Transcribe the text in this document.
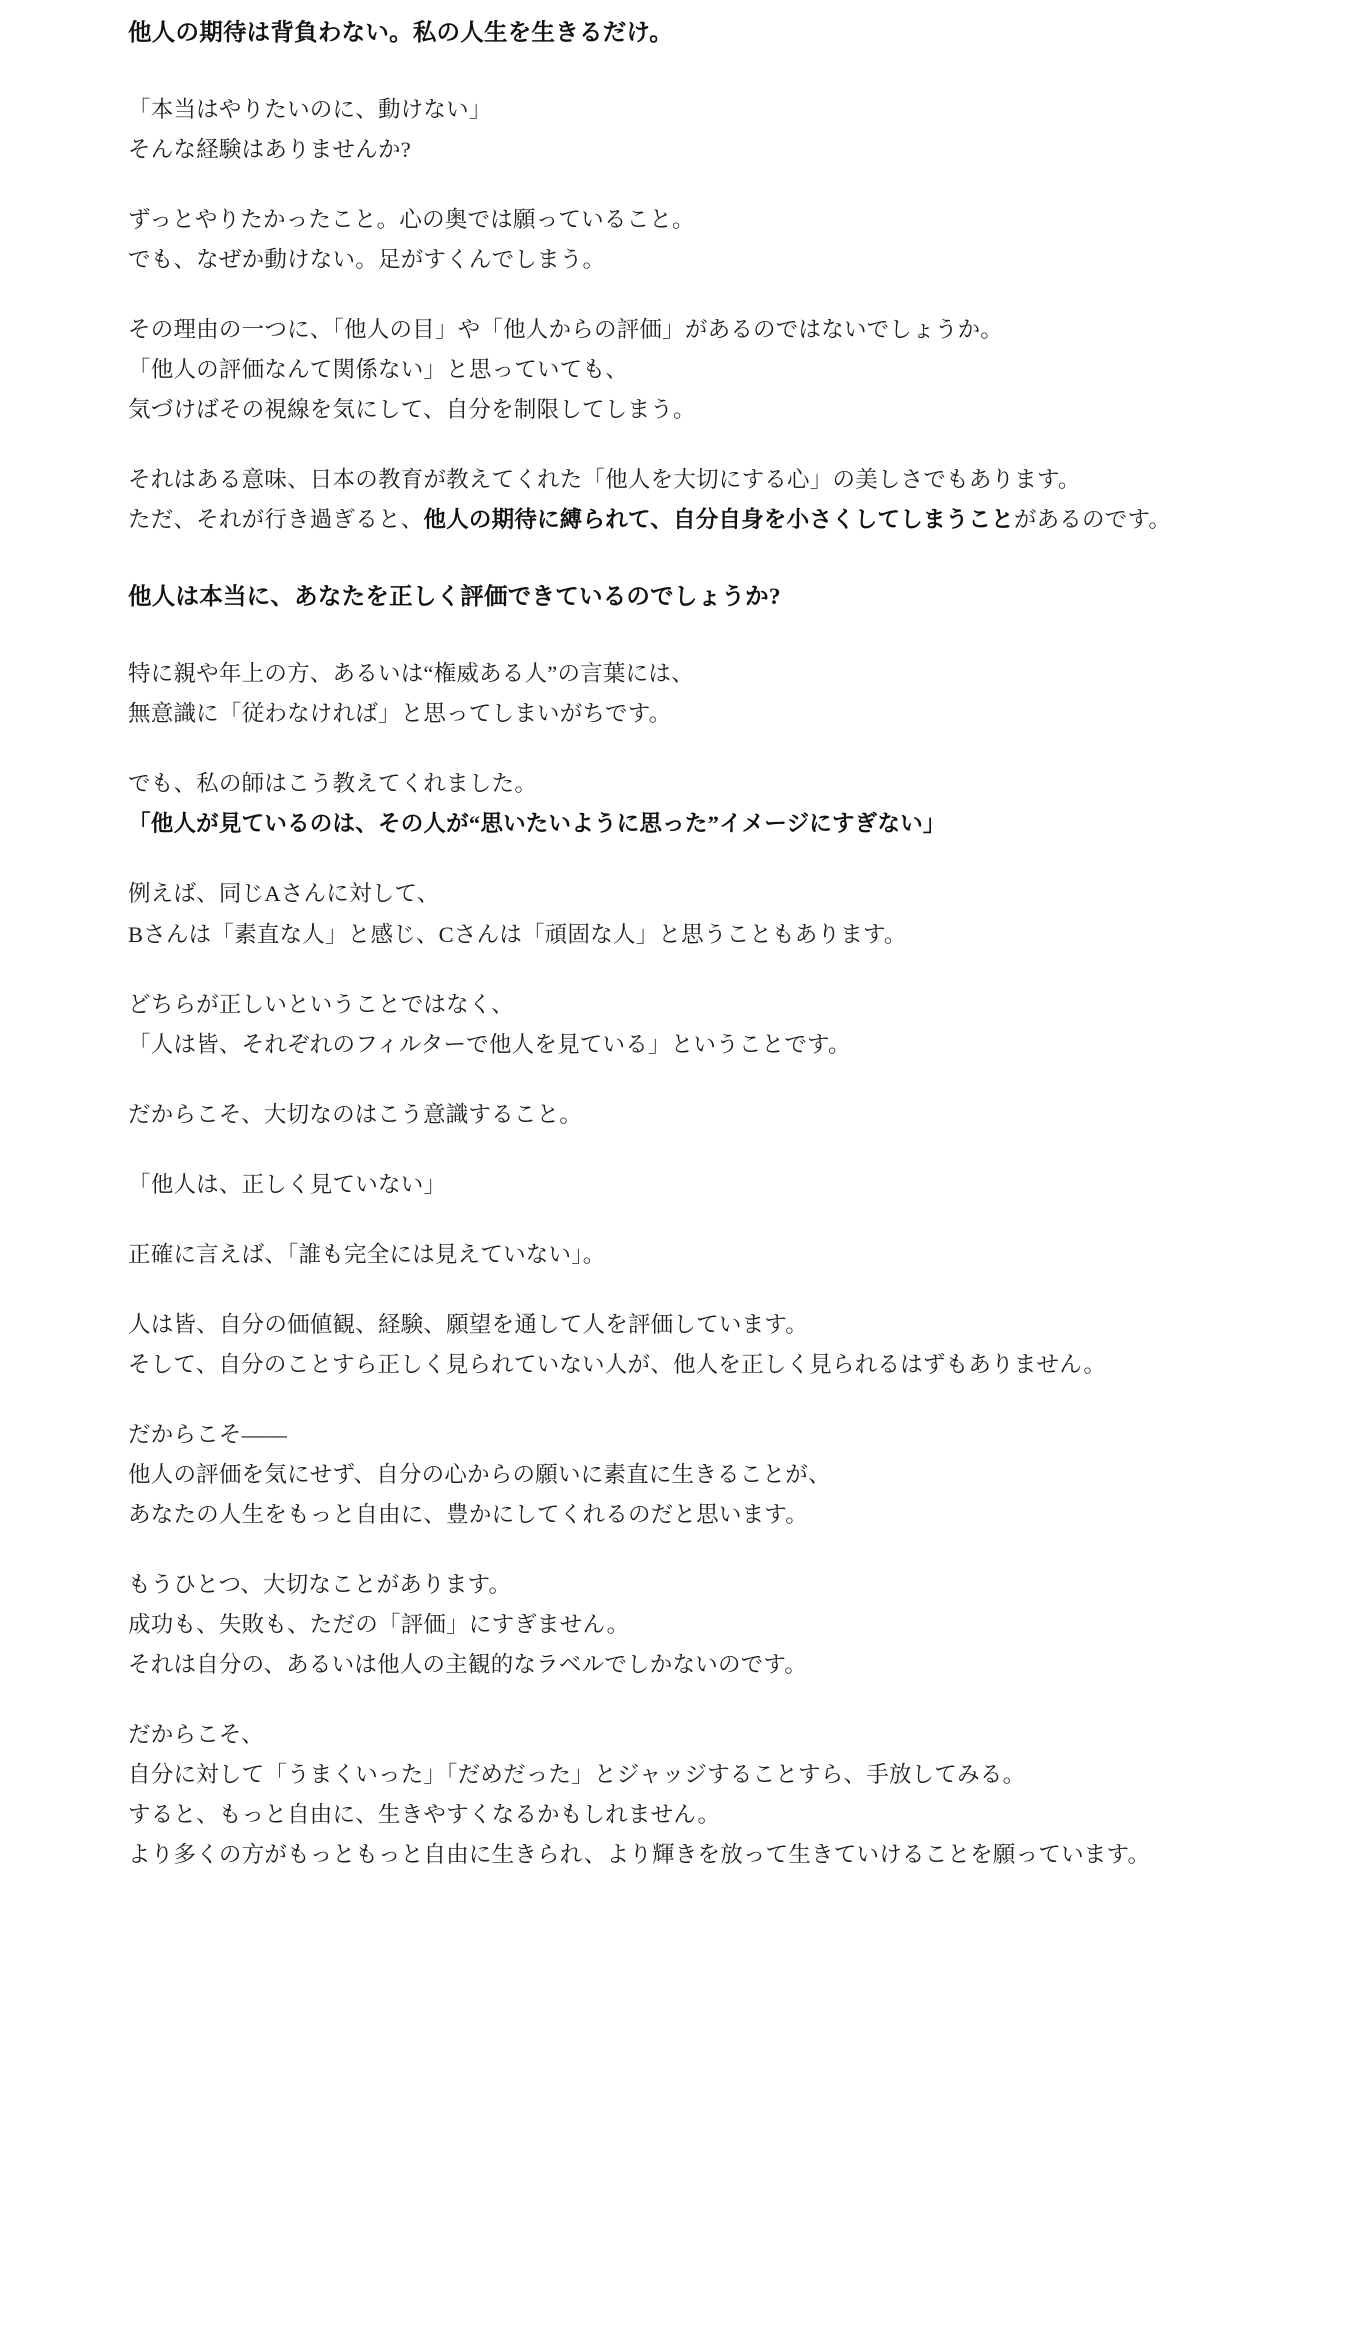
他人の期待は背負わない。私の人生を生きるだけ。
「本当はやりたいのに、動けない」
そんな経験はありませんか?
ずっとやりたかったこと。心の奥では願っていること。
でも、なぜか動けない。足がすくんでしまう。
その理由の一つに、「他人の目」や「他人からの評価」があるのではないでしょうか。
「他人の評価なんて関係ない」と思っていても、
気づけばその視線を気にして、自分を制限してしまう。
それはある意味、日本の教育が教えてくれた「他人を大切にする心」の美しさでもあります。
ただ、それが行き過ぎると、他人の期待に縛られて、自分自身を小さくしてしまうことがあるのです。
他人は本当に、あなたを正しく評価できているのでしょうか?
特に親や年上の方、あるいは“権威ある人”の言葉には、
無意識に「従わなければ」と思ってしまいがちです。
でも、私の師はこう教えてくれました。
「他人が見ているのは、その人が“思いたいように思った”イメージにすぎない」
例えば、同じAさんに対して、
Bさんは「素直な人」と感じ、Cさんは「頑固な人」と思うこともあります。
どちらが正しいということではなく、
「人は皆、それぞれのフィルターで他人を見ている」ということです。
だからこそ、大切なのはこう意識すること。
「他人は、正しく見ていない」
正確に言えば、「誰も完全には見えていない」。
人は皆、自分の価値観、経験、願望を通して人を評価しています。
そして、自分のことすら正しく見られていない人が、他人を正しく見られるはずもありません。
だからこそ——
他人の評価を気にせず、自分の心からの願いに素直に生きることが、
あなたの人生をもっと自由に、豊かにしてくれるのだと思います。
もうひとつ、大切なことがあります。
成功も、失敗も、ただの「評価」にすぎません。
それは自分の、あるいは他人の主観的なラベルでしかないのです。
だからこそ、
自分に対して「うまくいった」「だめだった」とジャッジすることすら、手放してみる。
すると、もっと自由に、生きやすくなるかもしれません。
より多くの方がもっともっと自由に生きられ、より輝きを放って生きていけることを願っています。
